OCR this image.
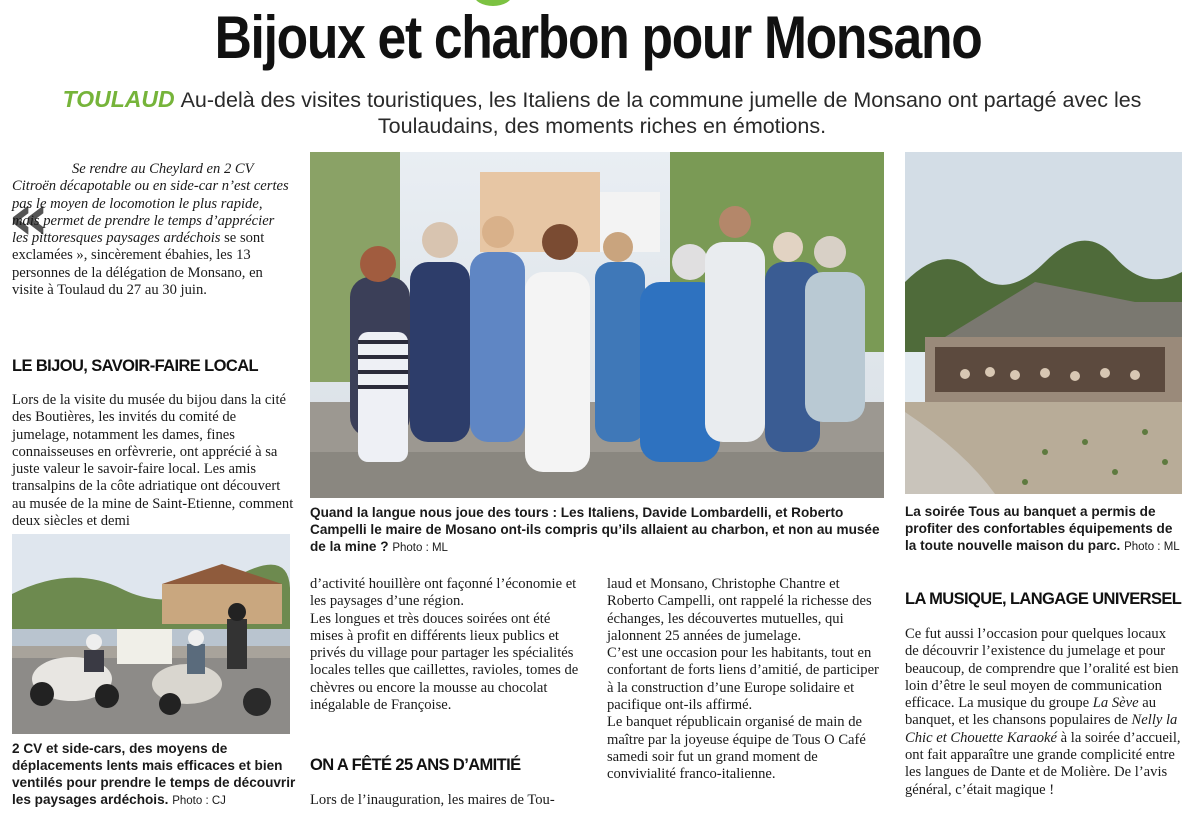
Bijoux et charbon pour Monsano
TOULAUD Au-delà des visites touristiques, les Italiens de la commune jumelle de Monsano ont partagé avec les Toulaudains, des moments riches en émotions.
«

Se rendre au Cheylard en 2 CV Citroën décapotable ou en side-car n’est certes pas le moyen de locomotion le plus rapide, mais permet de prendre le temps d’apprécier les pittoresques paysages ardéchois se sont exclamées », sincèrement ébahies, les 13 personnes de la délégation de Monsano, en visite à Toulaud du 27 au 30 juin.

LE BIJOU, SAVOIR-FAIRE LOCAL

Lors de la visite du musée du bijou dans la cité des Boutières, les invités du comité de jumelage, notamment les dames, fines connaisseuses en orfèvrerie, ont apprécié à sa juste valeur le savoir-faire local. Les amis transalpins de la côte adriatique ont découvert au musée de la mine de Saint-Etienne, comment deux siècles et demi

2 CV et side-cars, des moyens de déplacements lents mais efficaces et bien ventilés pour prendre le temps de découvrir les paysages ardéchois. Photo : CJ
Quand la langue nous joue des tours : Les Italiens, Davide Lombardelli, et Roberto Campelli le maire de Mosano ont-ils compris qu’ils allaient au charbon, et non au musée de la mine ? Photo : ML
La soirée Tous au banquet a permis de profiter des confortables équipements de la toute nouvelle maison du parc. Photo : ML

d’activité houillère ont façonné l’économie et les paysages d’une région.

Les longues et très douces soirées ont été mises à profit en différents lieux publics et privés du village pour partager les spécialités locales telles que caillettes, ravioles, tomes de chèvres ou encore la mousse au chocolat inégalable de Françoise.

ON A FÊTÉ 25 ANS D’AMITIÉ
Lors de l’inauguration, les maires de Tou-

laud et Monsano, Christophe Chantre et Roberto Campelli, ont rappelé la richesse des échanges, les découvertes mutuelles, qui jalonnent 25 années de jumelage.

C’est une occasion pour les habitants, tout en confortant de forts liens d’amitié, de participer à la construction d’une Europe solidaire et pacifique ont-ils affirmé.

Le banquet républicain organisé de main de maître par la joyeuse équipe de Tous O Café samedi soir fut un grand moment de convivialité franco-italienne.

LA MUSIQUE, LANGAGE UNIVERSEL

Ce fut aussi l’occasion pour quelques locaux de découvrir l’existence du jumelage et pour beaucoup, de comprendre que l’oralité est bien loin d’être le seul moyen de communication efficace. La musique du groupe La Sève au banquet, et les chansons populaires de Nelly la Chic et Chouette Karaoké à la soirée d’accueil, ont fait apparaître une grande complicité entre les langues de Dante et de Molière. De l’avis général, c’était magique !
